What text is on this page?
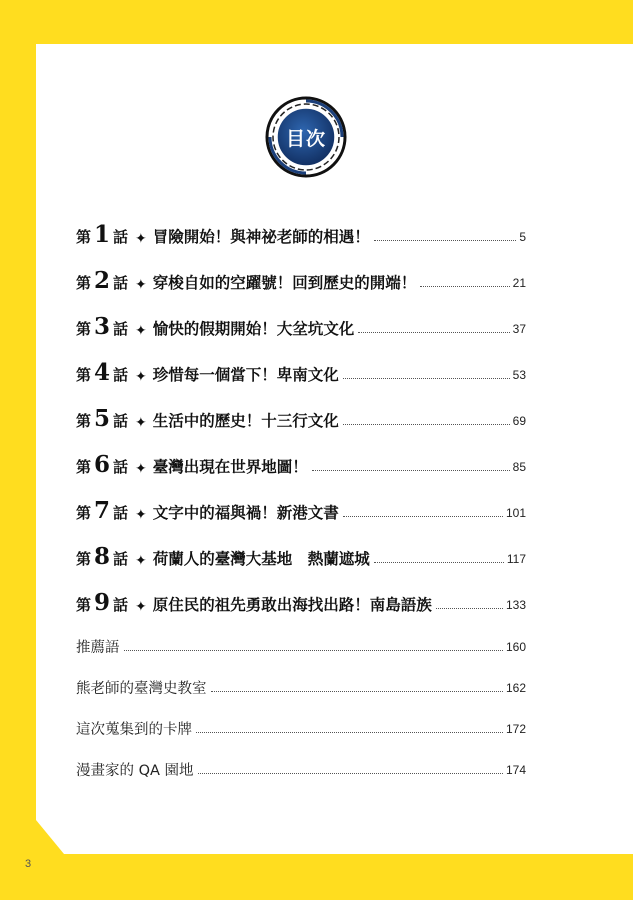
目次
第 1 話 ✦ 冒險開始！與神祕老師的相遇！	5
第 2 話 ✦ 穿梭自如的空躍號！回到歷史的開端！	21
第 3 話 ✦ 愉快的假期開始！大坌坑文化	37
第 4 話 ✦ 珍惜每一個當下！卑南文化	53
第 5 話 ✦ 生活中的歷史！十三行文化	69
第 6 話 ✦ 臺灣出現在世界地圖！	85
第 7 話 ✦ 文字中的福與禍！新港文書	101
第 8 話 ✦ 荷蘭人的臺灣大基地　熱蘭遮城	117
第 9 話 ✦ 原住民的祖先勇敢出海找出路！南島語族	133
推薦語	160
熊老師的臺灣史教室	162
這次蒐集到的卡牌	172
漫畫家的 QA 園地	174
3
